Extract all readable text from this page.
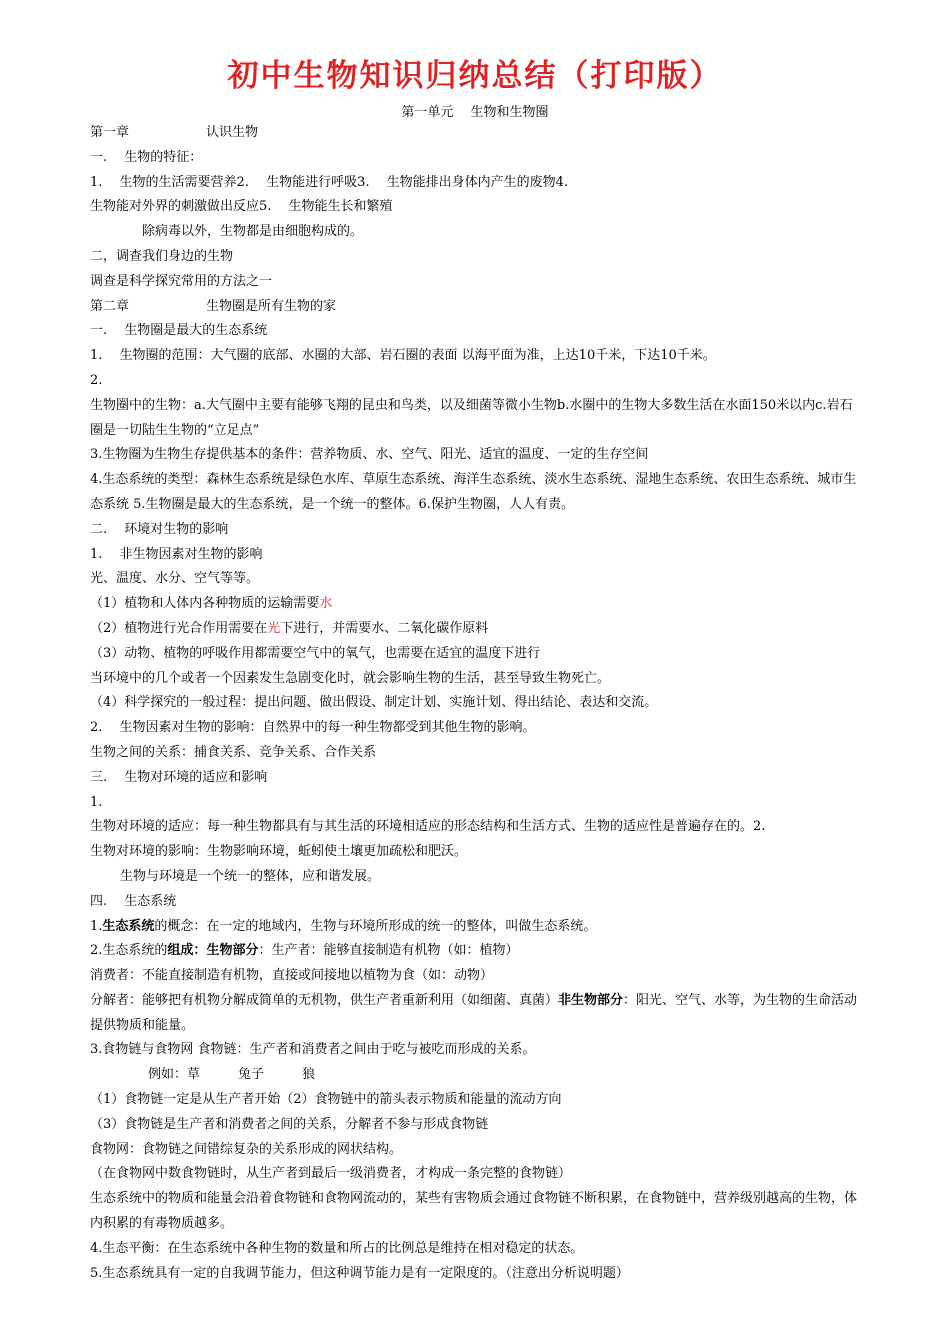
初中生物知识归纳总结（打印版）
第一单元　 生物和生物圈

第一章	认识生物

一.　 生物的特征：

1.　 生物的生活需要营养2.　 生物能进行呼吸3.　 生物能排出身体内产生的废物4.

生物能对外界的刺激做出反应5.　 生物能生长和繁殖

除病毒以外，生物都是由细胞构成的。

二，调查我们身边的生物

调查是科学探究常用的方法之一

第二章	生物圈是所有生物的家

一.　 生物圈是最大的生态系统

1.　 生物圈的范围：大气圈的底部、水圈的大部、岩石圈的表面 以海平面为准，上达10千米，下达10千米。

2.

生物圈中的生物：a.大气圈中主要有能够飞翔的昆虫和鸟类，以及细菌等微小生物b.水圈中的生物大多数生活在水面150米以内c.岩石圈是一切陆生生物的“立足点”

3.生物圈为生物生存提供基本的条件：营养物质、水、空气、阳光、适宜的温度、一定的生存空间

4.生态系统的类型：森林生态系统是绿色水库、草原生态系统、海洋生态系统、淡水生态系统、湿地生态系统、农田生态系统、城市生态系统 5.生物圈是最大的生态系统，是一个统一的整体。6.保护生物圈，人人有责。

二.　 环境对生物的影响

1.　 非生物因素对生物的影响

光、温度、水分、空气等等。

（1）植物和人体内各种物质的运输需要水

（2）植物进行光合作用需要在光下进行，并需要水、二氧化碳作原料

（3）动物、植物的呼吸作用都需要空气中的氧气，也需要在适宜的温度下进行

当环境中的几个或者一个因素发生急剧变化时，就会影响生物的生活，甚至导致生物死亡。

（4）科学探究的一般过程：提出问题、做出假设、制定计划、实施计划、得出结论、表达和交流。

2.　 生物因素对生物的影响：自然界中的每一种生物都受到其他生物的影响。

生物之间的关系：捕食关系、竞争关系、合作关系

三.　 生物对环境的适应和影响

1.

生物对环境的适应：每一种生物都具有与其生活的环境相适应的形态结构和生活方式、生物的适应性是普遍存在的。2.

生物对环境的影响：生物影响环境，蚯蚓使土壤更加疏松和肥沃。

生物与环境是一个统一的整体，应和谐发展。

四.　 生态系统

1.生态系统的概念：在一定的地域内，生物与环境所形成的统一的整体，叫做生态系统。

2.生态系统的组成：生物部分：生产者：能够直接制造有机物（如：植物）

消费者：不能直接制造有机物，直接或间接地以植物为食（如：动物）

分解者：能够把有机物分解成简单的无机物，供生产者重新利用（如细菌、真菌）非生物部分：阳光、空气、水等，为生物的生命活动提供物质和能量。

3.食物链与食物网 食物链：生产者和消费者之间由于吃与被吃而形成的关系。

例如：草	兔子	狼

（1）食物链一定是从生产者开始（2）食物链中的箭头表示物质和能量的流动方向

（3）食物链是生产者和消费者之间的关系，分解者不参与形成食物链

食物网：食物链之间错综复杂的关系形成的网状结构。

（在食物网中数食物链时，从生产者到最后一级消费者，才构成一条完整的食物链）

生态系统中的物质和能量会沿着食物链和食物网流动的，某些有害物质会通过食物链不断积累，在食物链中，营养级别越高的生物，体内积累的有毒物质越多。

4.生态平衡：在生态系统中各种生物的数量和所占的比例总是维持在相对稳定的状态。

5.生态系统具有一定的自我调节能力，但这种调节能力是有一定限度的。（注意出分析说明题）
